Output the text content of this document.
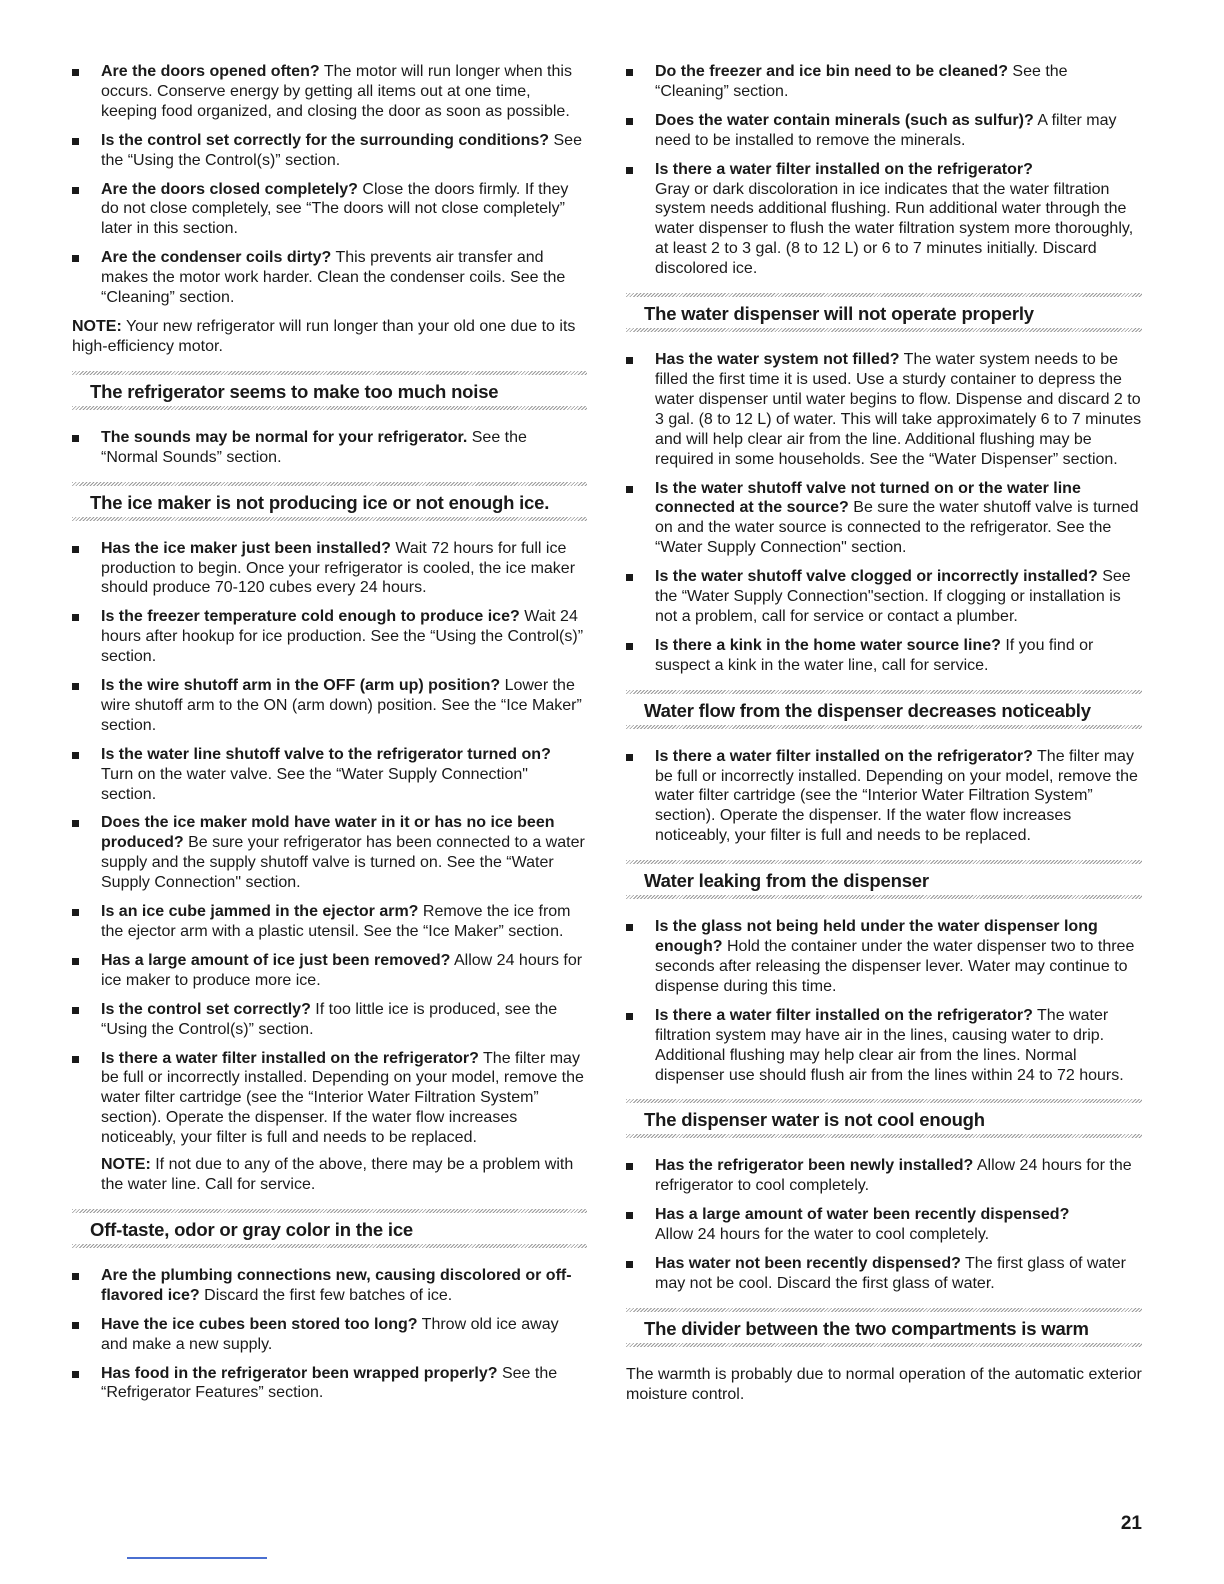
Are the doors opened often? The motor will run longer when this occurs. Conserve energy by getting all items out at one time, keeping food organized, and closing the door as soon as possible.
Is the control set correctly for the surrounding conditions? See the “Using the Control(s)” section.
Are the doors closed completely? Close the doors firmly. If they do not close completely, see “The doors will not close completely” later in this section.
Are the condenser coils dirty? This prevents air transfer and makes the motor work harder. Clean the condenser coils. See the “Cleaning” section.
NOTE: Your new refrigerator will run longer than your old one due to its high-efficiency motor.
The refrigerator seems to make too much noise
The sounds may be normal for your refrigerator. See the “Normal Sounds” section.
The ice maker is not producing ice or not enough ice.
Has the ice maker just been installed? Wait 72 hours for full ice production to begin. Once your refrigerator is cooled, the ice maker should produce 70-120 cubes every 24 hours.
Is the freezer temperature cold enough to produce ice? Wait 24 hours after hookup for ice production. See the “Using the Control(s)” section.
Is the wire shutoff arm in the OFF (arm up) position? Lower the wire shutoff arm to the ON (arm down) position. See the “Ice Maker” section.
Is the water line shutoff valve to the refrigerator turned on? Turn on the water valve. See the “Water Supply Connection" section.
Does the ice maker mold have water in it or has no ice been produced? Be sure your refrigerator has been connected to a water supply and the supply shutoff valve is turned on. See the “Water Supply Connection" section.
Is an ice cube jammed in the ejector arm? Remove the ice from the ejector arm with a plastic utensil. See the “Ice Maker” section.
Has a large amount of ice just been removed? Allow 24 hours for ice maker to produce more ice.
Is the control set correctly? If too little ice is produced, see the “Using the Control(s)” section.
Is there a water filter installed on the refrigerator? The filter may be full or incorrectly installed. Depending on your model, remove the water filter cartridge (see the “Interior Water Filtration System” section). Operate the dispenser. If the water flow increases noticeably, your filter is full and needs to be replaced.
NOTE: If not due to any of the above, there may be a problem with the water line. Call for service.
Off-taste, odor or gray color in the ice
Are the plumbing connections new, causing discolored or off-flavored ice? Discard the first few batches of ice.
Have the ice cubes been stored too long? Throw old ice away and make a new supply.
Has food in the refrigerator been wrapped properly? See the “Refrigerator Features” section.
Do the freezer and ice bin need to be cleaned? See the “Cleaning” section.
Does the water contain minerals (such as sulfur)? A filter may need to be installed to remove the minerals.
Is there a water filter installed on the refrigerator?
Gray or dark discoloration in ice indicates that the water filtration system needs additional flushing. Run additional water through the water dispenser to flush the water filtration system more thoroughly, at least 2 to 3 gal. (8 to 12 L) or 6 to 7 minutes initially. Discard discolored ice.
The water dispenser will not operate properly
Has the water system not filled? The water system needs to be filled the first time it is used. Use a sturdy container to depress the water dispenser until water begins to flow. Dispense and discard 2 to 3 gal. (8 to 12 L) of water. This will take approximately 6 to 7 minutes and will help clear air from the line. Additional flushing may be required in some households. See the “Water Dispenser” section.
Is the water shutoff valve not turned on or the water line connected at the source? Be sure the water shutoff valve is turned on and the water source is connected to the refrigerator. See the “Water Supply Connection" section.
Is the water shutoff valve clogged or incorrectly installed? See the “Water Supply Connection"section. If clogging or installation is not a problem, call for service or contact a plumber.
Is there a kink in the home water source line? If you find or suspect a kink in the water line, call for service.
Water flow from the dispenser decreases noticeably
Is there a water filter installed on the refrigerator? The filter may be full or incorrectly installed. Depending on your model, remove the water filter cartridge (see the “Interior Water Filtration System” section). Operate the dispenser. If the water flow increases noticeably, your filter is full and needs to be replaced.
Water leaking from the dispenser
Is the glass not being held under the water dispenser long enough? Hold the container under the water dispenser two to three seconds after releasing the dispenser lever. Water may continue to dispense during this time.
Is there a water filter installed on the refrigerator? The water filtration system may have air in the lines, causing water to drip. Additional flushing may help clear air from the lines. Normal dispenser use should flush air from the lines within 24 to 72 hours.
The dispenser water is not cool enough
Has the refrigerator been newly installed? Allow 24 hours for the refrigerator to cool completely.
Has a large amount of water been recently dispensed?
Allow 24 hours for the water to cool completely.
Has water not been recently dispensed? The first glass of water may not be cool. Discard the first glass of water.
The divider between the two compartments is warm
The warmth is probably due to normal operation of the automatic exterior moisture control.
21
